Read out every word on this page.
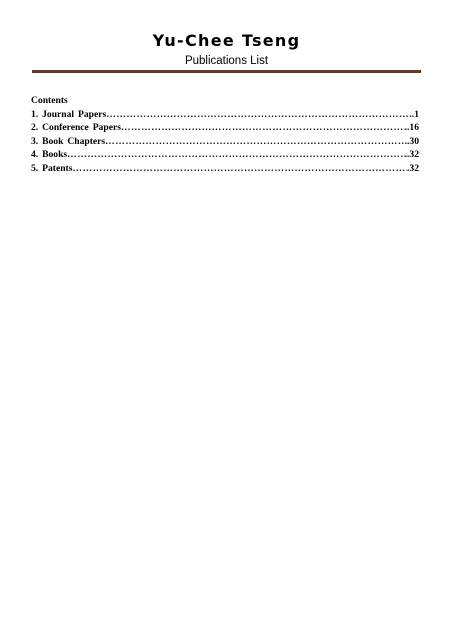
Yu-Chee Tseng
Publications List
Contents
1. Journal Papers ………………………………………………………………………………………………………………………………………………………………	.1
2. Conference Papers ………………………………………………………………………………………………………………………………………………………………	..16
3. Book Chapters ………………………………………………………………………………………………………………………………………………………………	..30
4. Books ………………………………………………………………………………………………………………………………………………………………	..32
5. Patents ………………………………………………………………………………………………………………………………………………………………	.32
